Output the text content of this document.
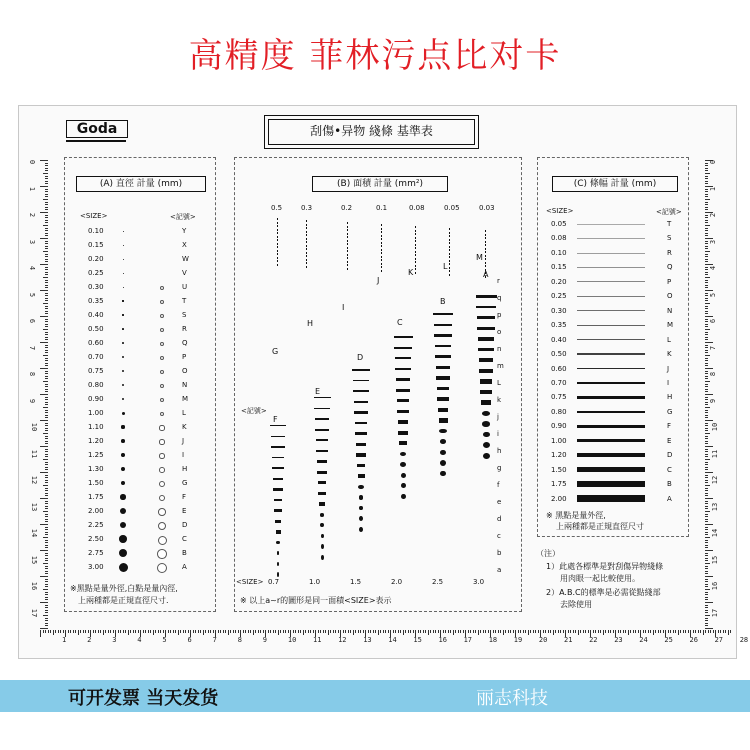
高精度 菲林污点比对卡
1	2	3	4	5	6	7	8	9	10 11 12 13 14 15 16 17 18 19 20 21 22 23 24 25 26 27 28
0
1
2
3
4
5
6
7
8
9
10
11
12
13
14
15
16
17
0
1
2
3
4
5
6
7
8
9
10
11
12
13
14
15
16
17
Goda	刮傷•异物 綫條 基準表
(A) 直徑 計量 (mm)
<SIZE>	<記號>
※黑點是量外徑,白點是量內徑,
上兩種都是正規直徑尺寸.
(B) 面積 計量 (mm²)
<記號>
<SIZE>
※ 以上a~r的圖形是同一面積<SIZE>表示
(C) 條幅 計量 (mm)
<SIZE>	<記號>
※ 黑點是量外徑,
上兩種都是正規直徑尺寸
（注）
1）此處各標準是對刮傷异物綫條
用肉眼一起比較使用。
2）A.B.C的標準是必需從點綫部
去除使用
可开发票 当天发货	丽志科技
0.10	Y
0.15	X
0.20	W
0.25	V
0.30	U
0.35	T
0.40	S
0.50	R
0.60	Q
0.70	P
0.75	O
0.80	N
0.90	M
1.00	L
1.10	K
1.20	J
1.25	I
1.30	H
1.50	G
1.75	F
2.00	E
2.25	D
2.50	C
2.75	B
3.00	A
0.05	T
0.08	S
0.10	R
0.15	Q
0.20	P
0.25	O
0.30	N
0.35	M
0.40	L
0.50	K
0.60	J
0.70	I
0.75	H
0.80	G
0.90	F
1.00	E
1.20	D
1.50	C
1.75	B
2.00	A
0.5	0.3	0.2	0.1	0.08	0.05	0.03
J
K
L
M
A
B
C
D
E
F
G
H
I
0.7	1.0	1.5	2.0	2.5	3.0
r
q
p
o
n
m
L
k
j
i
h
g
f
e
d
c
b
a
